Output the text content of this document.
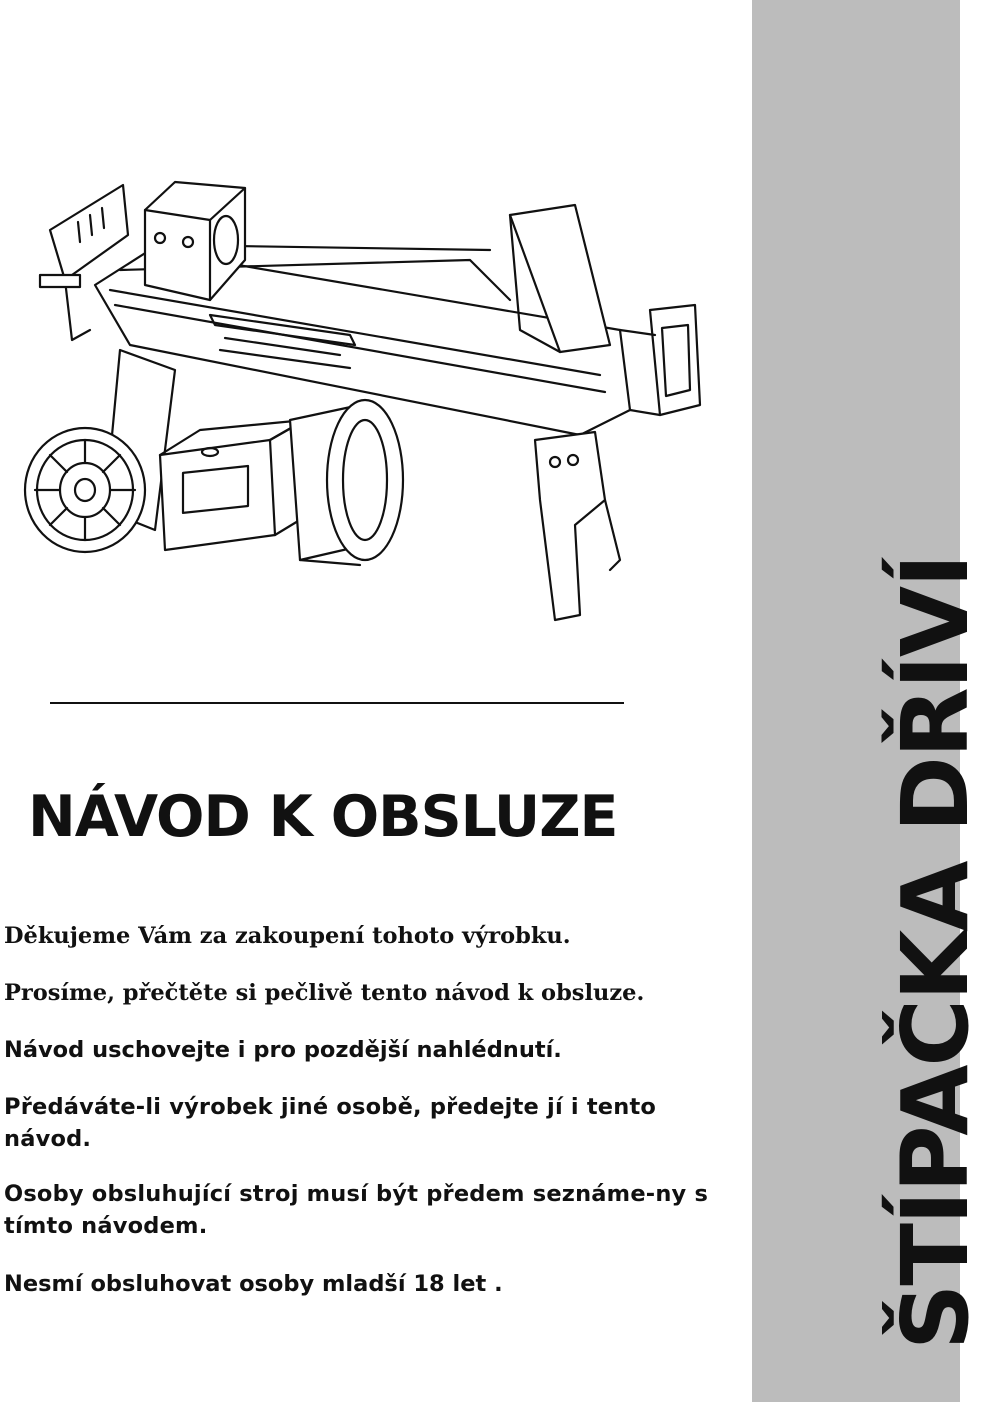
NÁVOD K OBSLUZE

Děkujeme Vám za zakoupení tohoto výrobku.

Prosíme, přečtěte si pečlivě tento návod k obsluze.

Návod uschovejte i pro pozdější nahlédnutí.

Předáváte-li výrobek jiné osobě, předejte jí i tento návod.

Osoby obsluhující stroj musí být předem seznáme-ny s tímto návodem.

Nesmí obsluhovat osoby mladší 18 let .	ŠTÍPAČKA DŘÍVÍ
